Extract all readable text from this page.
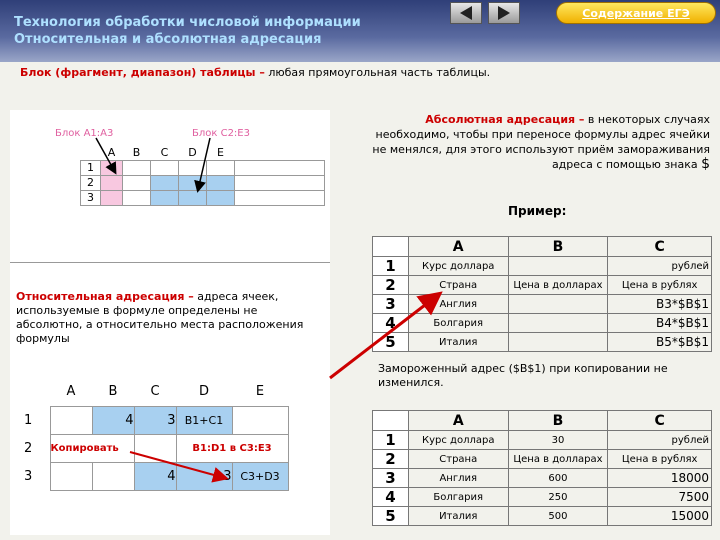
Технология обработки числовой информации
Относительная и абсолютная адресация
Содержание ЕГЭ
Блок (фрагмент, диапазон) таблицы – любая прямоугольная часть таблицы.
Блок A1:A3	Блок C2:E3
	A	B	C	D	E	
1						
2						
3						
Относительная адресация – адреса ячеек, используемые в формуле определены не абсолютно, а относительно места расположения формулы
	A	B	C	D	E
1		4	3	B1+C1	
2	Копировать			B1:D1 в C3:E3	
3			4	3	C3+D3
Абсолютная адресация – в некоторых случаях необходимо, чтобы при переносе формулы адрес ячейки не менялся, для этого используют приём замораживания адреса с помощью знака $
Пример:
	A	B	C
1	Курс доллара		рублей
2	Страна	Цена в долларах	Цена в рублях
3	Англия		B3*$B$1
4	Болгария		B4*$B$1
5	Италия		B5*$B$1
Замороженный адрес ($B$1) при копировании не изменился.
	A	B	C
1	Курс доллара	30	рублей
2	Страна	Цена в долларах	Цена в рублях
3	Англия	600	18000
4	Болгария	250	7500
5	Италия	500	15000
